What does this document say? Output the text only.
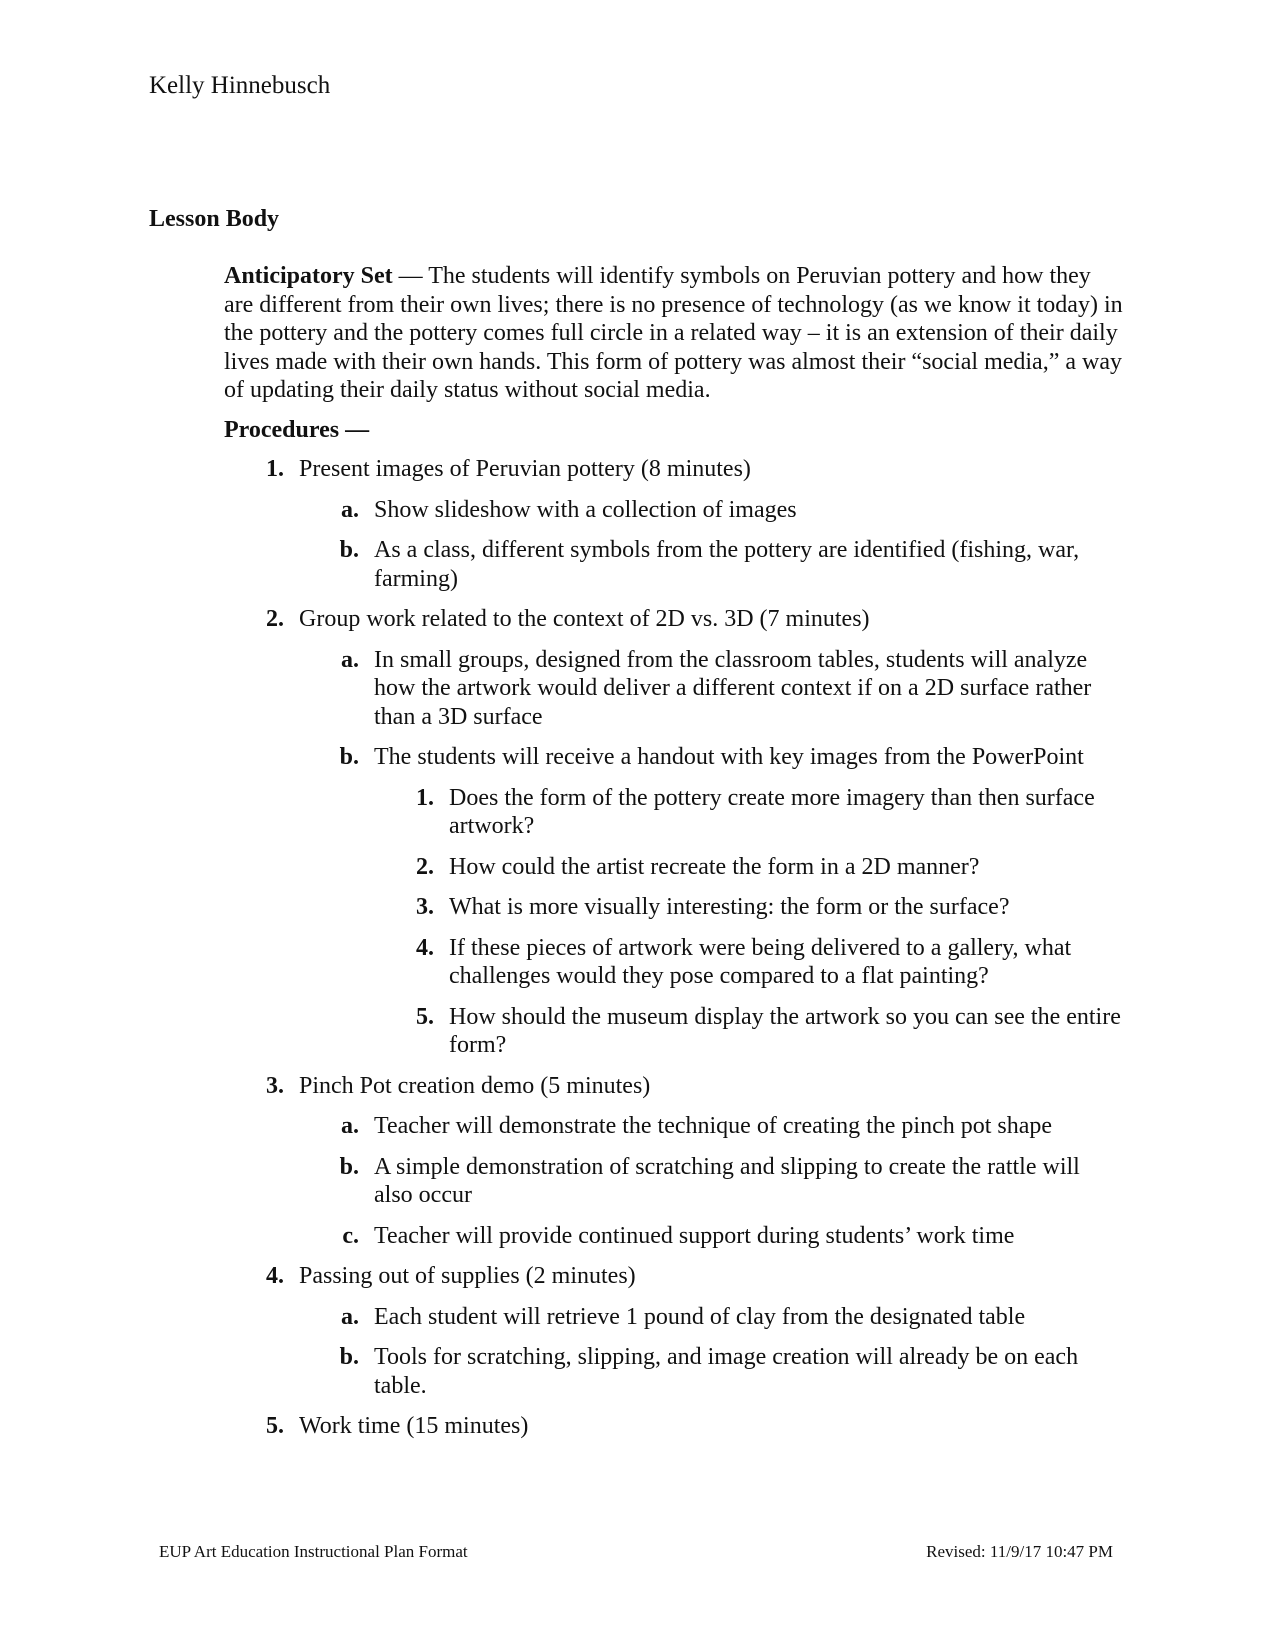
Kelly Hinnebusch
Lesson Body

Anticipatory Set — The students will identify symbols on Peruvian pottery and how they are different from their own lives; there is no presence of technology (as we know it today) in the pottery and the pottery comes full circle in a related way – it is an extension of their daily lives made with their own hands. This form of pottery was almost their “social media,” a way of updating their daily status without social media.

Procedures —

1. Present images of Peruvian pottery (8 minutes)
a. Show slideshow with a collection of images
b. As a class, different symbols from the pottery are identified (fishing, war, farming)
2. Group work related to the context of 2D vs. 3D (7 minutes)
a. In small groups, designed from the classroom tables, students will analyze how the artwork would deliver a different context if on a 2D surface rather than a 3D surface
b. The students will receive a handout with key images from the PowerPoint
1. Does the form of the pottery create more imagery than then surface artwork?
2. How could the artist recreate the form in a 2D manner?
3. What is more visually interesting: the form or the surface?
4. If these pieces of artwork were being delivered to a gallery, what challenges would they pose compared to a flat painting?
5. How should the museum display the artwork so you can see the entire form?
3. Pinch Pot creation demo (5 minutes)
a. Teacher will demonstrate the technique of creating the pinch pot shape
b. A simple demonstration of scratching and slipping to create the rattle will also occur
c. Teacher will provide continued support during students’ work time
4. Passing out of supplies (2 minutes)
a. Each student will retrieve 1 pound of clay from the designated table
b. Tools for scratching, slipping, and image creation will already be on each table.
5. Work time (15 minutes)
EUP Art Education Instructional Plan Format	Revised: 11/9/17 10:47 PM
